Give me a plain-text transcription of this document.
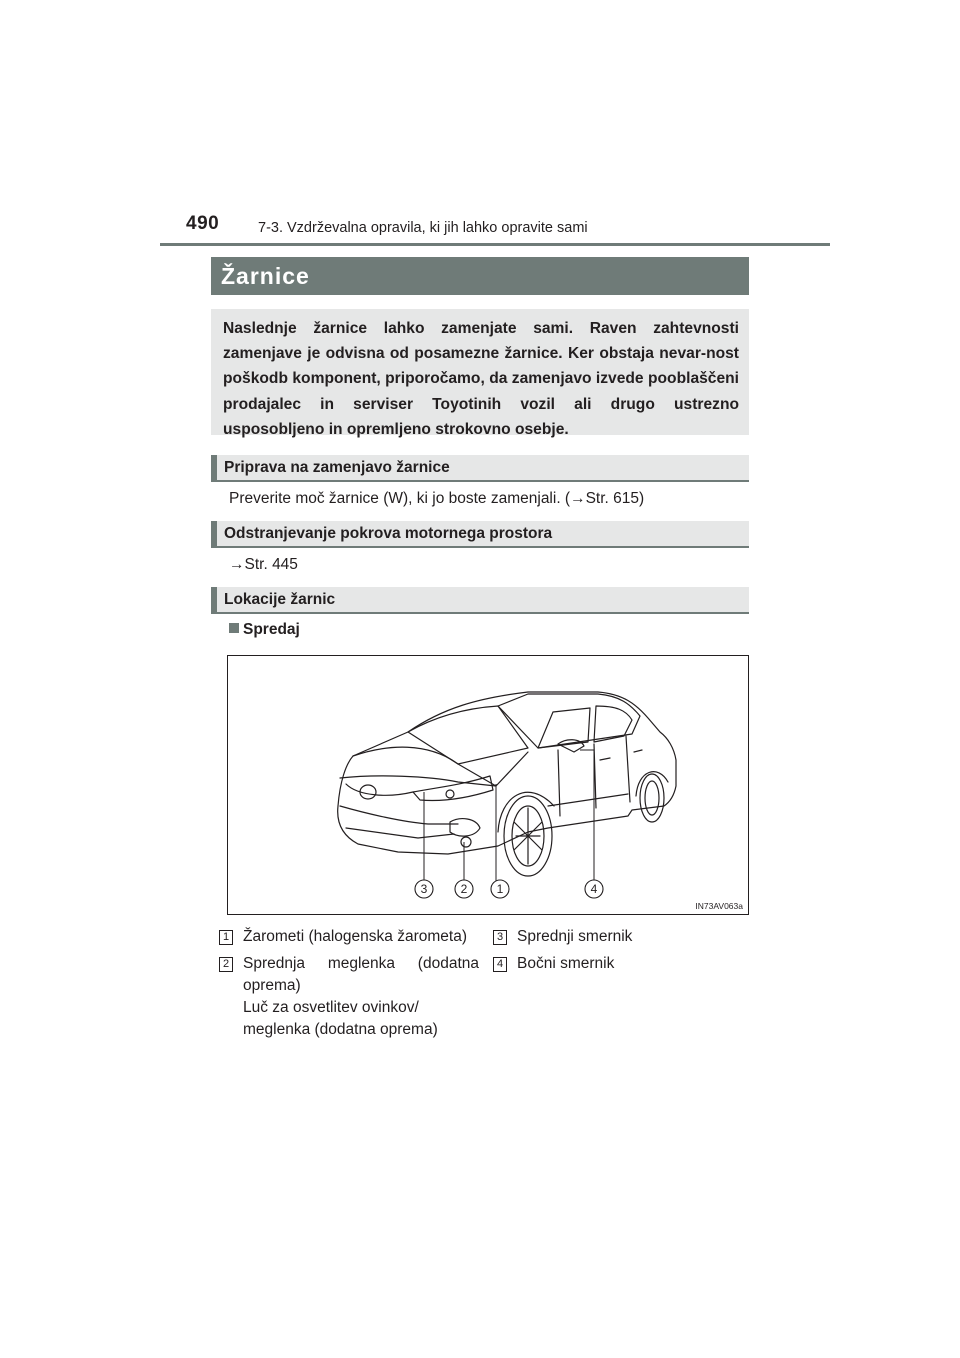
490	7-3. Vzdrževalna opravila, ki jih lahko opravite sami
Žarnice
Naslednje žarnice lahko zamenjate sami. Raven zahtevnosti zamenjave je odvisna od posamezne žarnice. Ker obstaja nevar-nost poškodb komponent, priporočamo, da zamenjavo izvede pooblaščeni prodajalec in serviser Toyotinih vozil ali drugo ustrezno usposobljeno in opremljeno strokovno osebje.
Priprava na zamenjavo žarnice
Preverite moč žarnice (W), ki jo boste zamenjali. (→Str. 615)
Odstranjevanje pokrova motornega prostora
→Str. 445
Lokacije žarnic
Spredaj
3	2 1	4
IN73AV063a
1 Žarometi (halogenska žarometa)
2 Sprednja meglenka (dodatna oprema)
Luč za osvetlitev ovinkov/
meglenka (dodatna oprema)
3 Sprednji smernik
4 Bočni smernik
